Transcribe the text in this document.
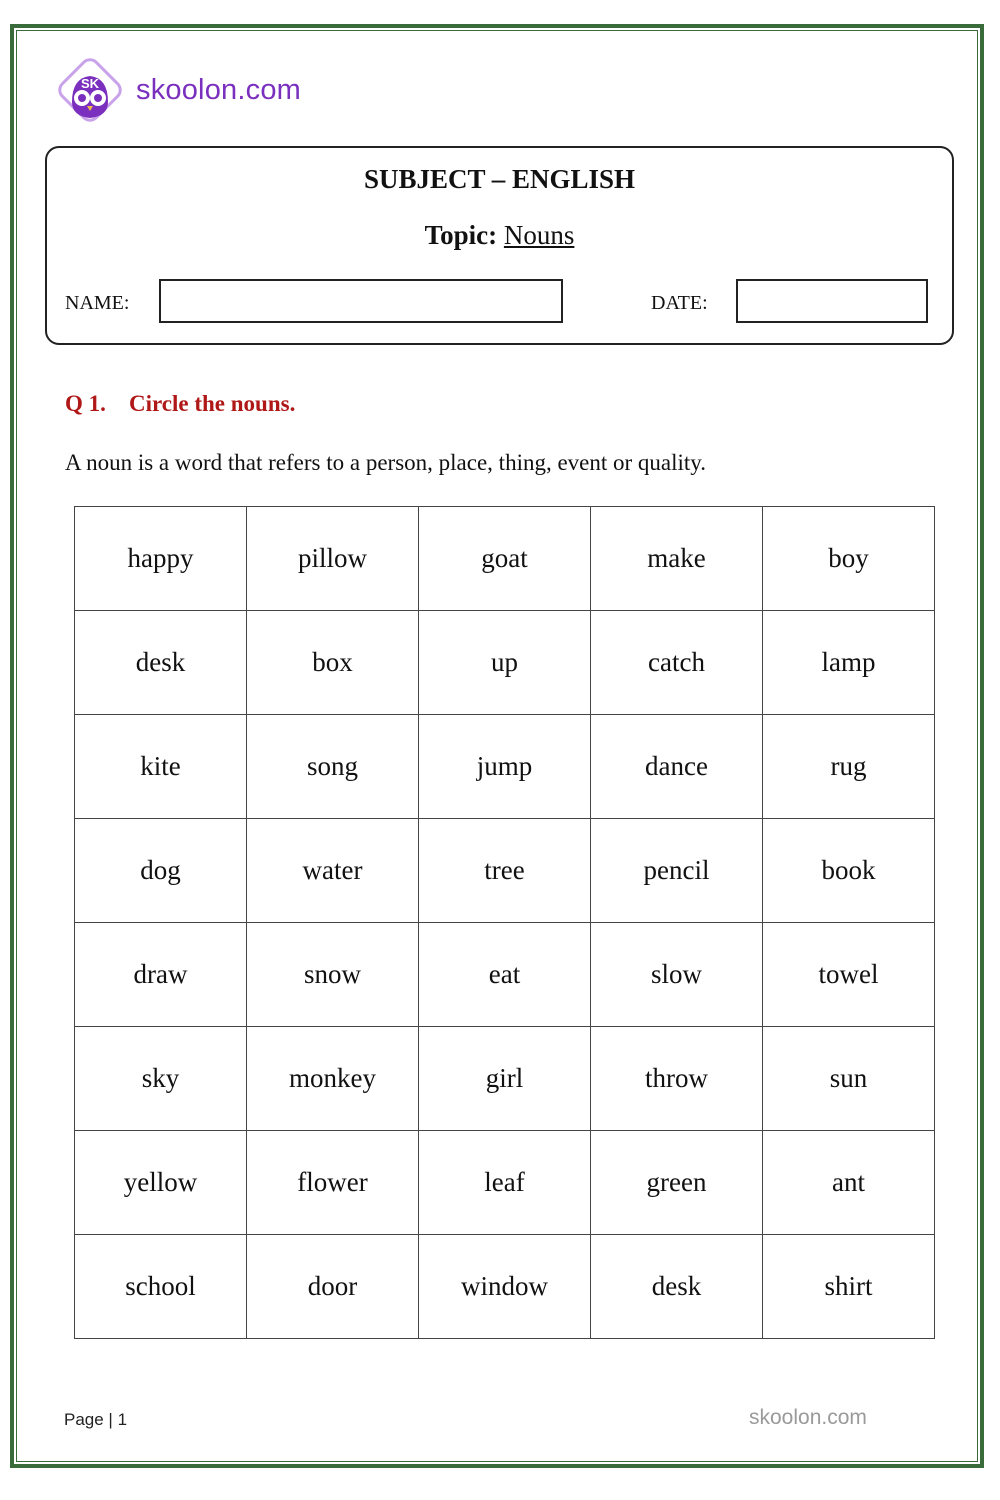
SK skoolon.com
SUBJECT – ENGLISH
Topic: Nouns
NAME:	DATE:
Q 1. Circle the nouns.
A noun is a word that refers to a person, place, thing, event or quality.
happy	pillow	goat	make	boy
desk	box	up	catch	lamp
kite	song	jump	dance	rug
dog	water	tree	pencil	book
draw	snow	eat	slow	towel
sky	monkey	girl	throw	sun
yellow	flower	leaf	green	ant
school	door	window	desk	shirt
Page | 1	skoolon.com
